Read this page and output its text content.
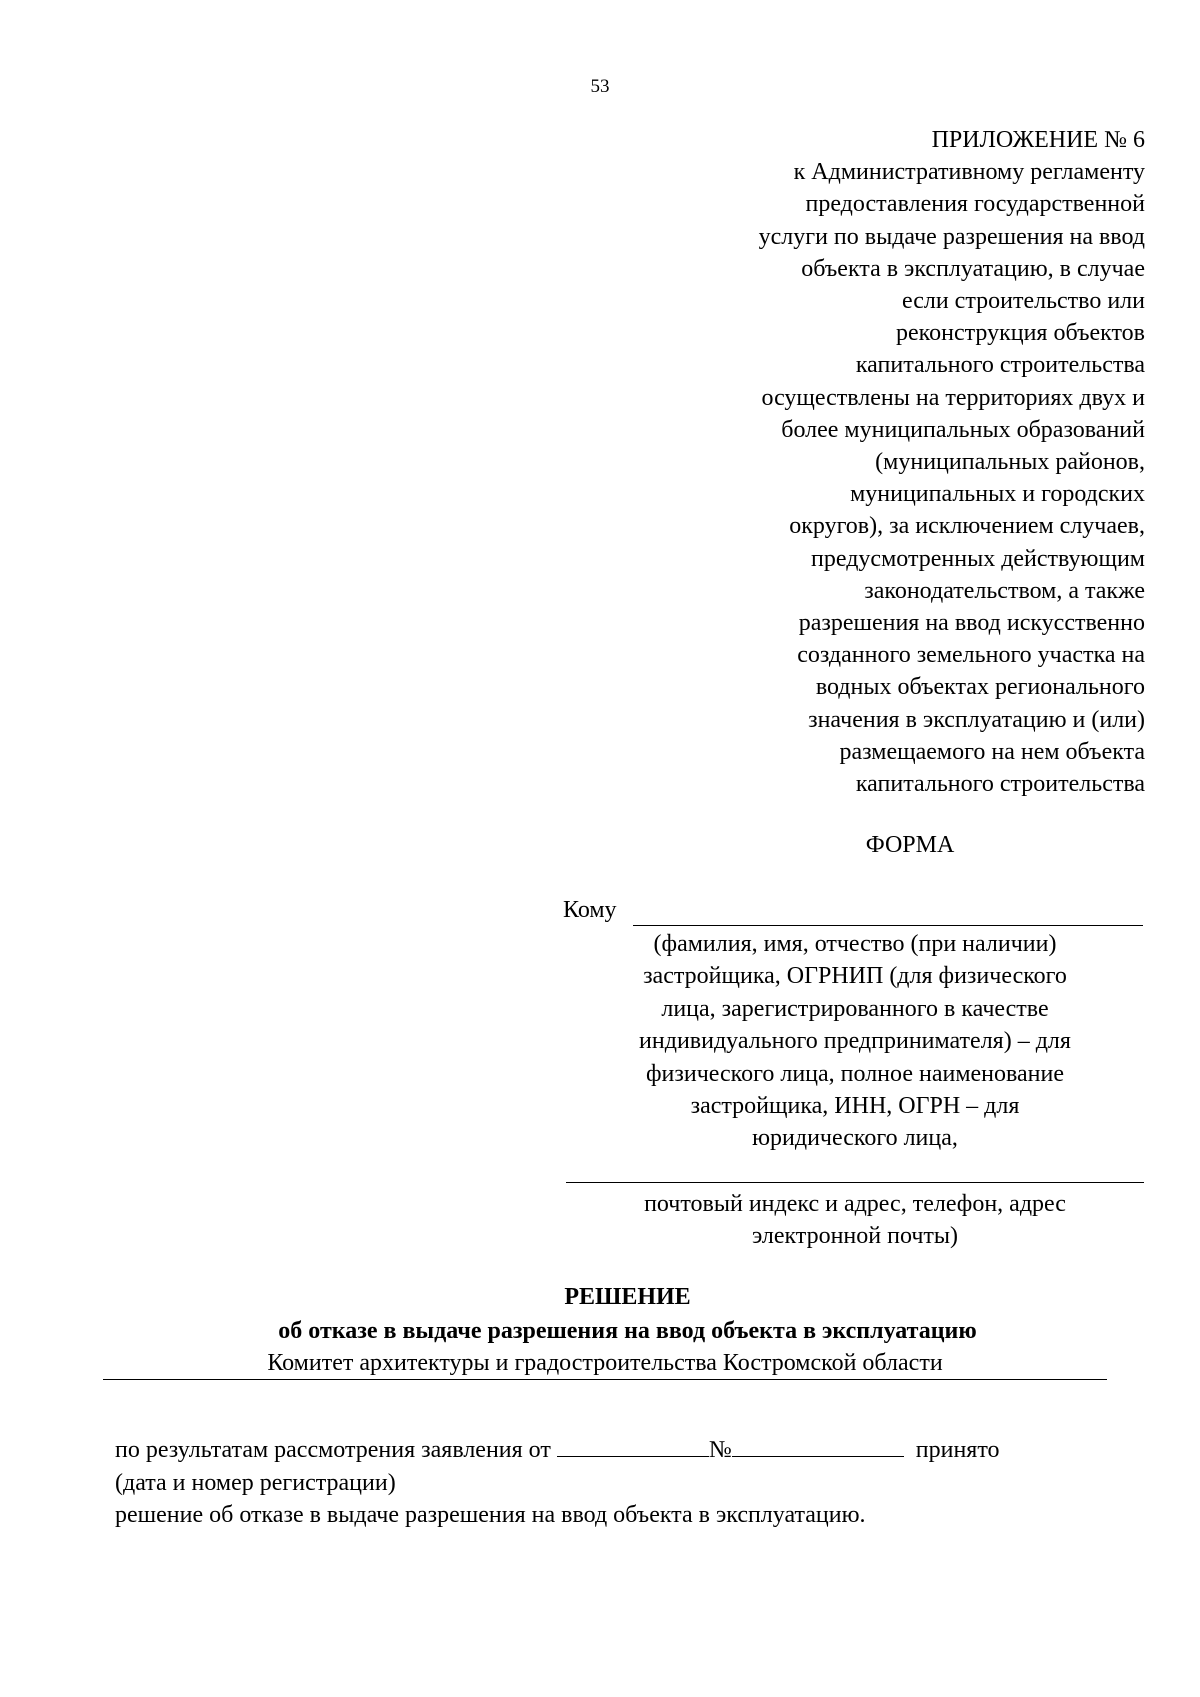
53
ПРИЛОЖЕНИЕ № 6
к Административному регламенту
предоставления государственной
услуги по выдаче разрешения на ввод
объекта в эксплуатацию, в случае
если строительство или
реконструкция объектов
капитального строительства
осуществлены на территориях двух и
более муниципальных образований
(муниципальных районов,
муниципальных и городских
округов), за исключением случаев,
предусмотренных действующим
законодательством, а также
разрешения на ввод искусственно
созданного земельного участка на
водных объектах регионального
значения в эксплуатацию и (или)
размещаемого на нем объекта
капитального строительства
ФОРМА
Кому
(фамилия, имя, отчество (при наличии)
застройщика, ОГРНИП (для физического
лица, зарегистрированного в качестве
индивидуального предпринимателя) – для
физического лица, полное наименование
застройщика, ИНН, ОГРН – для
юридического лица,
почтовый индекс и адрес, телефон, адрес
электронной почты)
РЕШЕНИЕ
об отказе в выдаче разрешения на ввод объекта в эксплуатацию
Комитет архитектуры и градостроительства Костромской области
по результатам рассмотрения заявления от	№	принято
(дата и номер регистрации)
решение об отказе в выдаче разрешения на ввод объекта в эксплуатацию.
